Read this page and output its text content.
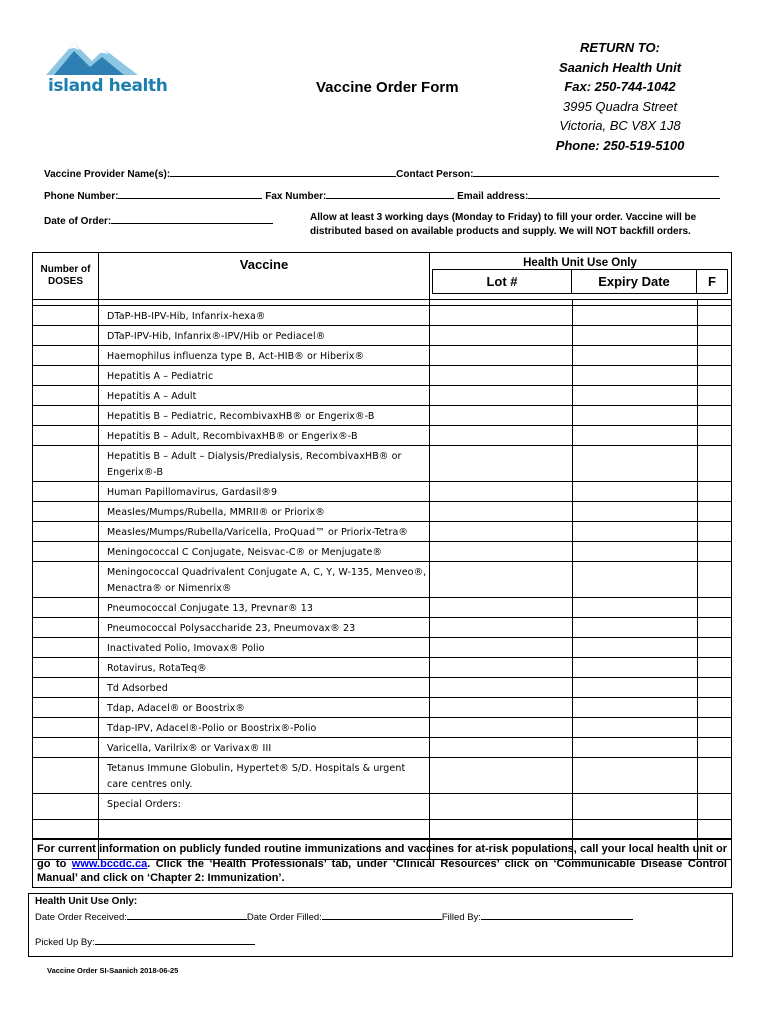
island health	Vaccine Order Form
RETURN TO:
Saanich Health Unit
Fax: 250-744-1042
3995 Quadra Street
Victoria, BC V8X 1J8
Phone: 250-519-5100
Vaccine Provider Name(s):	Contact Person:
Phone Number:	Fax Number:	Email address:
Date of Order:	Allow at least 3 working days (Monday to Friday) to fill your order. Vaccine will be distributed based on available products and supply. We will NOT backfill orders.
Number of DOSES	Vaccine	Health Unit Use Only
Lot #	Expiry Date	F

	DTaP-HB-IPV-Hib, Infanrix-hexa®			
	DTaP-IPV-Hib, Infanrix®-IPV/Hib or Pediacel®			
	Haemophilus influenza type B, Act-HIB® or Hiberix®			
	Hepatitis A – Pediatric			
	Hepatitis A – Adult			
	Hepatitis B – Pediatric, RecombivaxHB® or Engerix®-B			
	Hepatitis B – Adult, RecombivaxHB® or Engerix®-B			
	Hepatitis B – Adult – Dialysis/Predialysis, RecombivaxHB® or Engerix®-B			
	Human Papillomavirus, Gardasil®9			
	Measles/Mumps/Rubella, MMRII® or Priorix®			
	Measles/Mumps/Rubella/Varicella, ProQuad™ or Priorix-Tetra®			
	Meningococcal C Conjugate, Neisvac-C® or Menjugate®			
	Meningococcal Quadrivalent Conjugate A, C, Y, W-135, Menveo®, Menactra® or Nimenrix®			
	Pneumococcal Conjugate 13, Prevnar® 13			
	Pneumococcal Polysaccharide 23, Pneumovax® 23			
	Inactivated Polio, Imovax® Polio			
	Rotavirus, RotaTeq®			
	Td Adsorbed			
	Tdap, Adacel® or Boostrix®			
	Tdap-IPV, Adacel®-Polio or Boostrix®-Polio			
	Varicella, Varilrix® or Varivax® III			
	Tetanus Immune Globulin, Hypertet® S/D. Hospitals & urgent care centres only.			
	Special Orders:			

For current information on publicly funded routine immunizations and vaccines for at-risk populations, call your local health unit or go to www.bccdc.ca. Click the ‘Health Professionals’ tab, under ‘Clinical Resources’ click on ‘Communicable Disease Control Manual’ and click on ‘Chapter 2: Immunization’.
Health Unit Use Only:
Date Order Received:	Date Order Filled:	Filled By:
Picked Up By:
Vaccine Order SI-Saanich 2018-06-25
